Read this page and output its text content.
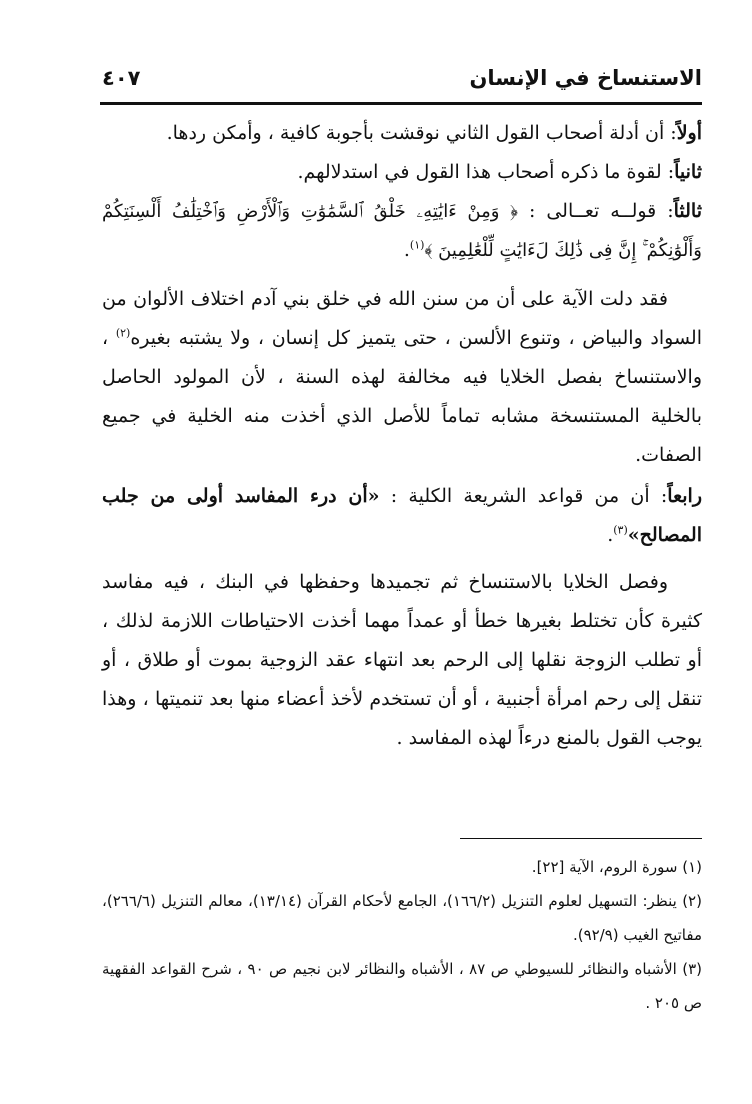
الاستنساخ في الإنسان
٤٠٧

أولاً: أن أدلة أصحاب القول الثاني نوقشت بأجوبة كافية ، وأمكن ردها.

ثانياً: لقوة ما ذكره أصحاب هذا القول في استدلالهم.

ثالثاً: قولــه تعــالى : ﴿ وَمِنْ ءَايَٰتِهِۦ خَلْقُ ٱلسَّمَٰوَٰتِ وَٱلْأَرْضِ وَٱخْتِلَٰفُ أَلْسِنَتِكُمْ وَأَلْوَٰنِكُمْ ۚ إِنَّ فِى ذَٰلِكَ لَءَايَٰتٍ لِّلْعَٰلِمِينَ ﴾$^{(١)}$.

فقد دلت الآية على أن من سنن الله في خلق بني آدم اختلاف الألوان من السواد والبياض ، وتنوع الألسن ، حتى يتميز كل إنسان ، ولا يشتبه بغيره$^{(٢)}$ ، والاستنساخ بفصل الخلايا فيه مخالفة لهذه السنة ، لأن المولود الحاصل بالخلية المستنسخة مشابه تماماً للأصل الذي أخذت منه الخلية في جميع الصفات.

رابعاً: أن من قواعد الشريعة الكلية : «أن درء المفاسد أولى من جلب المصالح»$^{(٣)}$.

وفصل الخلايا بالاستنساخ ثم تجميدها وحفظها في البنك ، فيه مفاسد كثيرة كأن تختلط بغيرها خطأ أو عمداً مهما أخذت الاحتياطات اللازمة لذلك ، أو تطلب الزوجة نقلها إلى الرحم بعد انتهاء عقد الزوجية بموت أو طلاق ، أو تنقل إلى رحم امرأة أجنبية ، أو أن تستخدم لأخذ أعضاء منها بعد تنميتها ، وهذا يوجب القول بالمنع درءاً لهذه المفاسد .

(١) سورة الروم، الآية [٢٢].

(٢) ينظر: التسهيل لعلوم التنزيل (١٦٦/٢)، الجامع لأحكام القرآن (١٣/١٤)، معالم التنزيل (٢٦٦/٦)، مفاتيح الغيب (٩٢/٩).

(٣) الأشباه والنظائر للسيوطي ص ٨٧ ، الأشباه والنظائر لابن نجيم ص ٩٠ ، شرح القواعد الفقهية ص ٢٠٥ .
